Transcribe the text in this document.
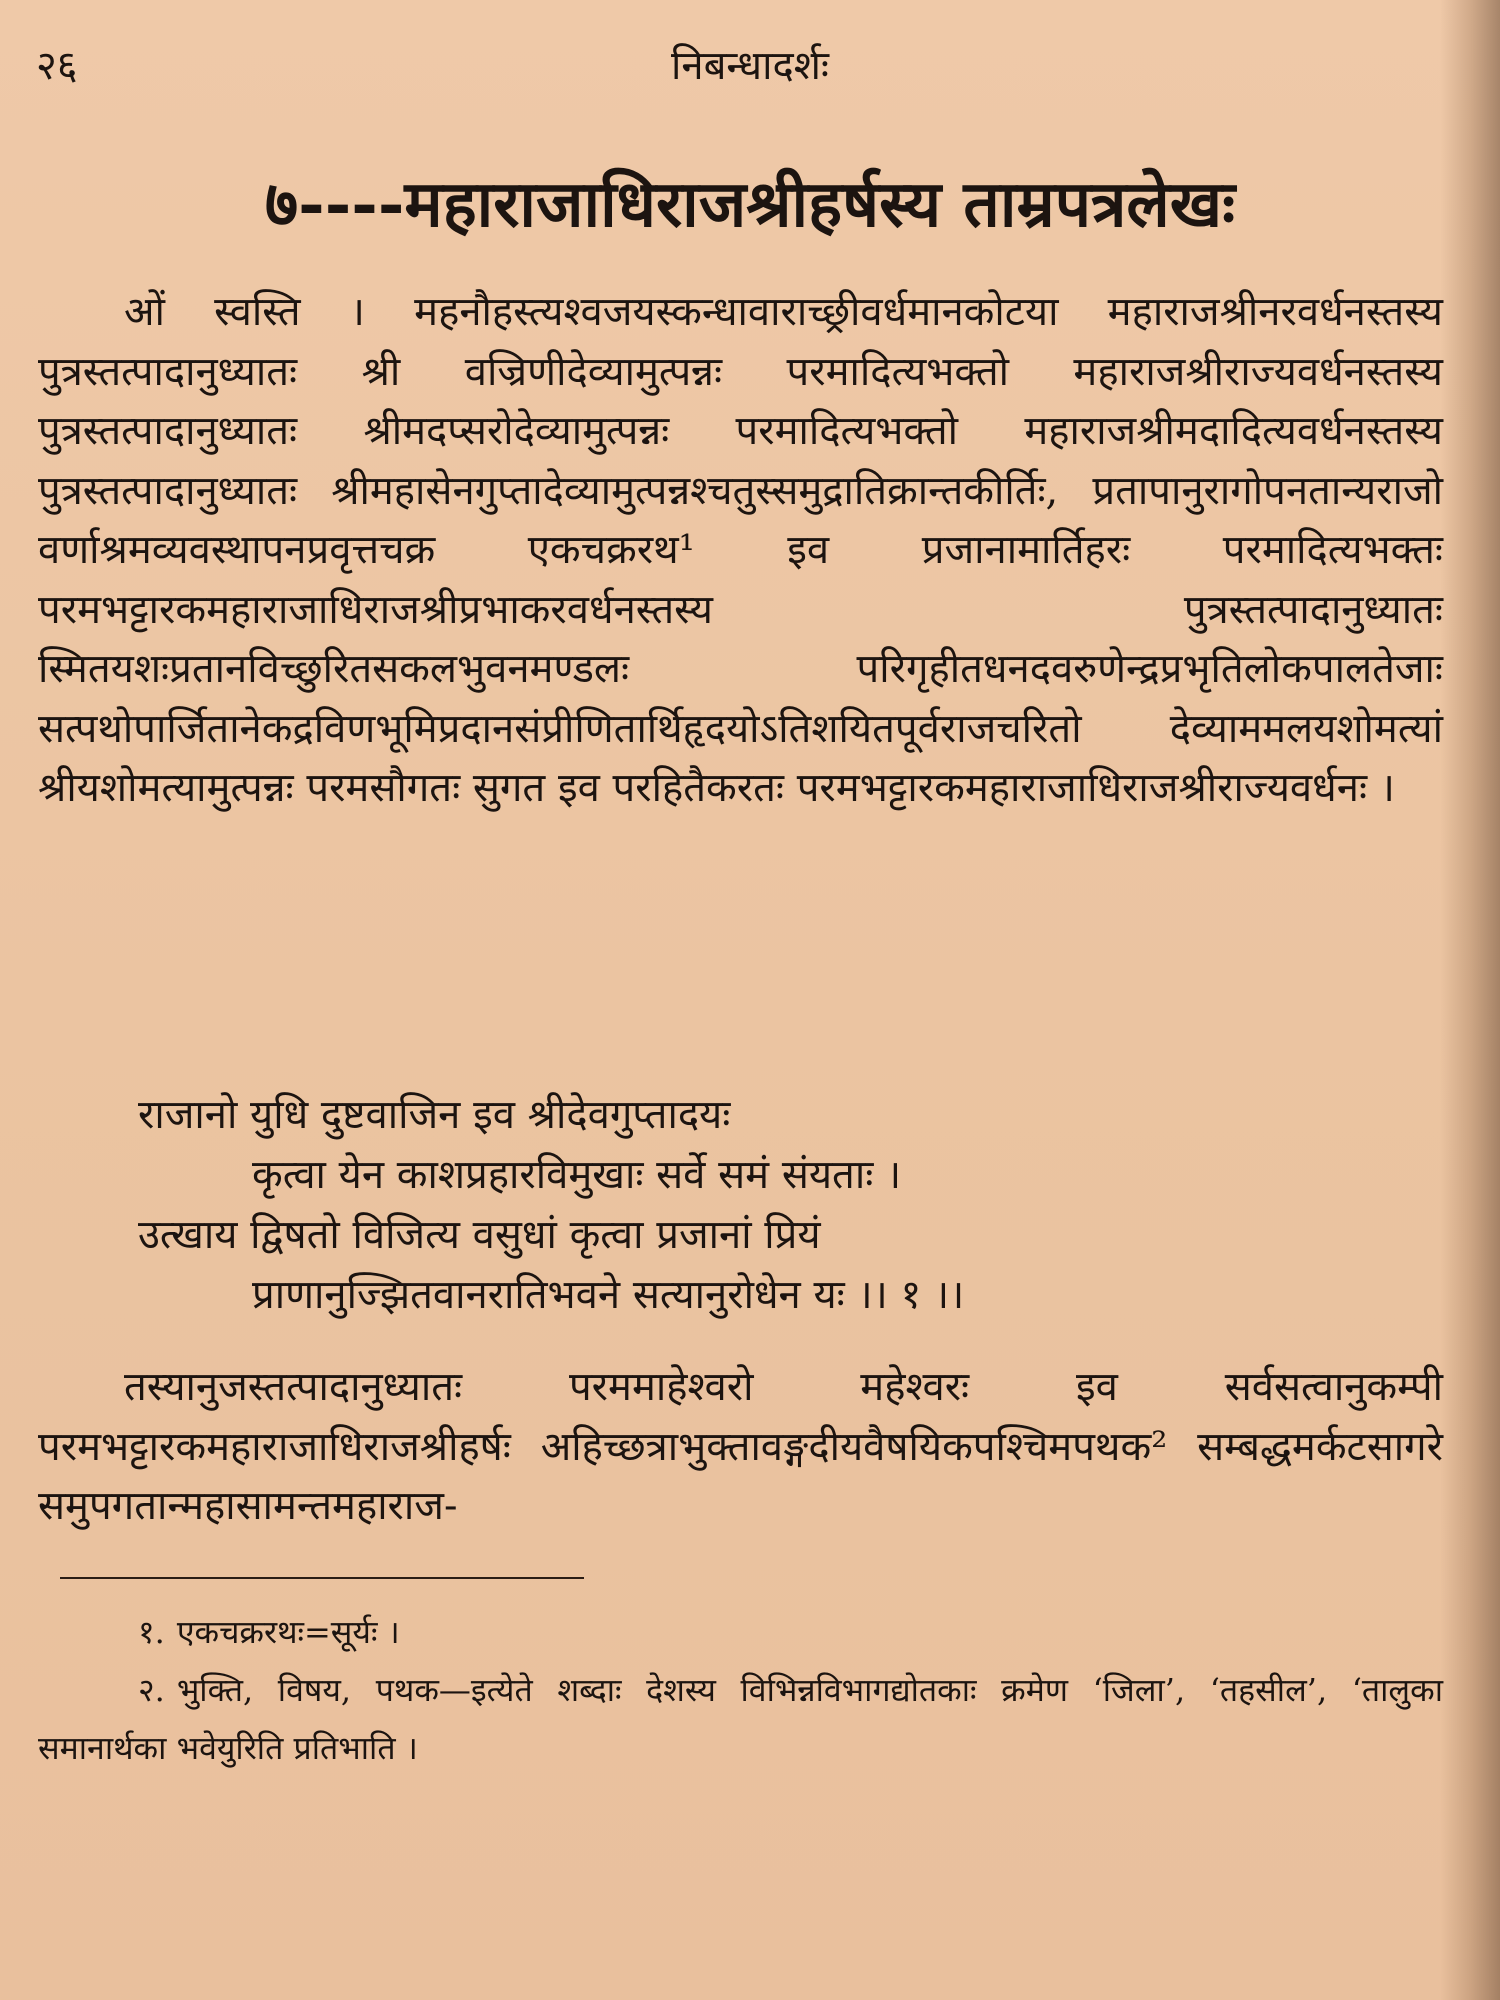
२६	निबन्धादर्शः
७----महाराजाधिराजश्रीहर्षस्य ताम्रपत्रलेखः
ओं स्वस्ति । महनौहस्त्यश्वजयस्कन्धावाराच्छ्रीवर्धमानकोटया महाराजश्रीनरवर्धनस्तस्य पुत्रस्तत्पादानुध्यातः श्री वज्रिणीदेव्यामुत्पन्नः परमादित्यभक्तो महाराजश्रीराज्यवर्धनस्तस्य पुत्रस्तत्पादानुध्यातः श्रीमदप्सरोदेव्यामुत्पन्नः परमादित्यभक्तो महाराजश्रीमदादित्यवर्धनस्तस्य पुत्रस्तत्पादानुध्यातः श्रीमहासेनगुप्तादेव्यामुत्पन्नश्चतुस्समुद्रातिक्रान्तकीर्तिः, प्रतापानुरागोपनतान्यराजो वर्णाश्रमव्यवस्थापनप्रवृत्तचक्र एकचक्ररथ¹ इव प्रजानामार्तिहरः परमादित्यभक्तः परमभट्टारकमहाराजाधिराजश्रीप्रभाकरवर्धनस्तस्य पुत्रस्तत्पादानुध्यातः स्मितयशःप्रतानविच्छुरितसकलभुवनमण्डलः परिगृहीतधनदवरुणेन्द्रप्रभृतिलोकपालतेजाः सत्पथोपार्जितानेकद्रविणभूमिप्रदानसंप्रीणितार्थिहृदयोऽतिशयितपूर्वराजचरितो देव्याममलयशोमत्यां श्रीयशोमत्यामुत्पन्नः परमसौगतः सुगत इव परहितैकरतः परमभट्टारकमहाराजाधिराजश्रीराज्यवर्धनः ।
राजानो युधि दुष्टवाजिन इव श्रीदेवगुप्तादयः
कृत्वा येन काशप्रहारविमुखाः सर्वे समं संयताः ।
उत्खाय द्विषतो विजित्य वसुधां कृत्वा प्रजानां प्रियं
प्राणानुज्झितवानरातिभवने सत्यानुरोधेन यः ।। १ ।।
तस्यानुजस्तत्पादानुध्यातः परममाहेश्वरो महेश्वरः इव सर्वसत्वानुकम्पी परमभट्टारकमहाराजाधिराजश्रीहर्षः अहिच्छत्राभुक्तावङ्गदीयवैषयिकपश्चिमपथक² सम्बद्धमर्कटसागरे समुपगतान्महासामन्तमहाराज-
१. एकचक्ररथः=सूर्यः ।
२. भुक्ति, विषय, पथक—इत्येते शब्दाः देशस्य विभिन्नविभागद्योतकाः क्रमेण ‘जिला’, ‘तहसील’, ‘तालुका समानार्थका भवेयुरिति प्रतिभाति ।
